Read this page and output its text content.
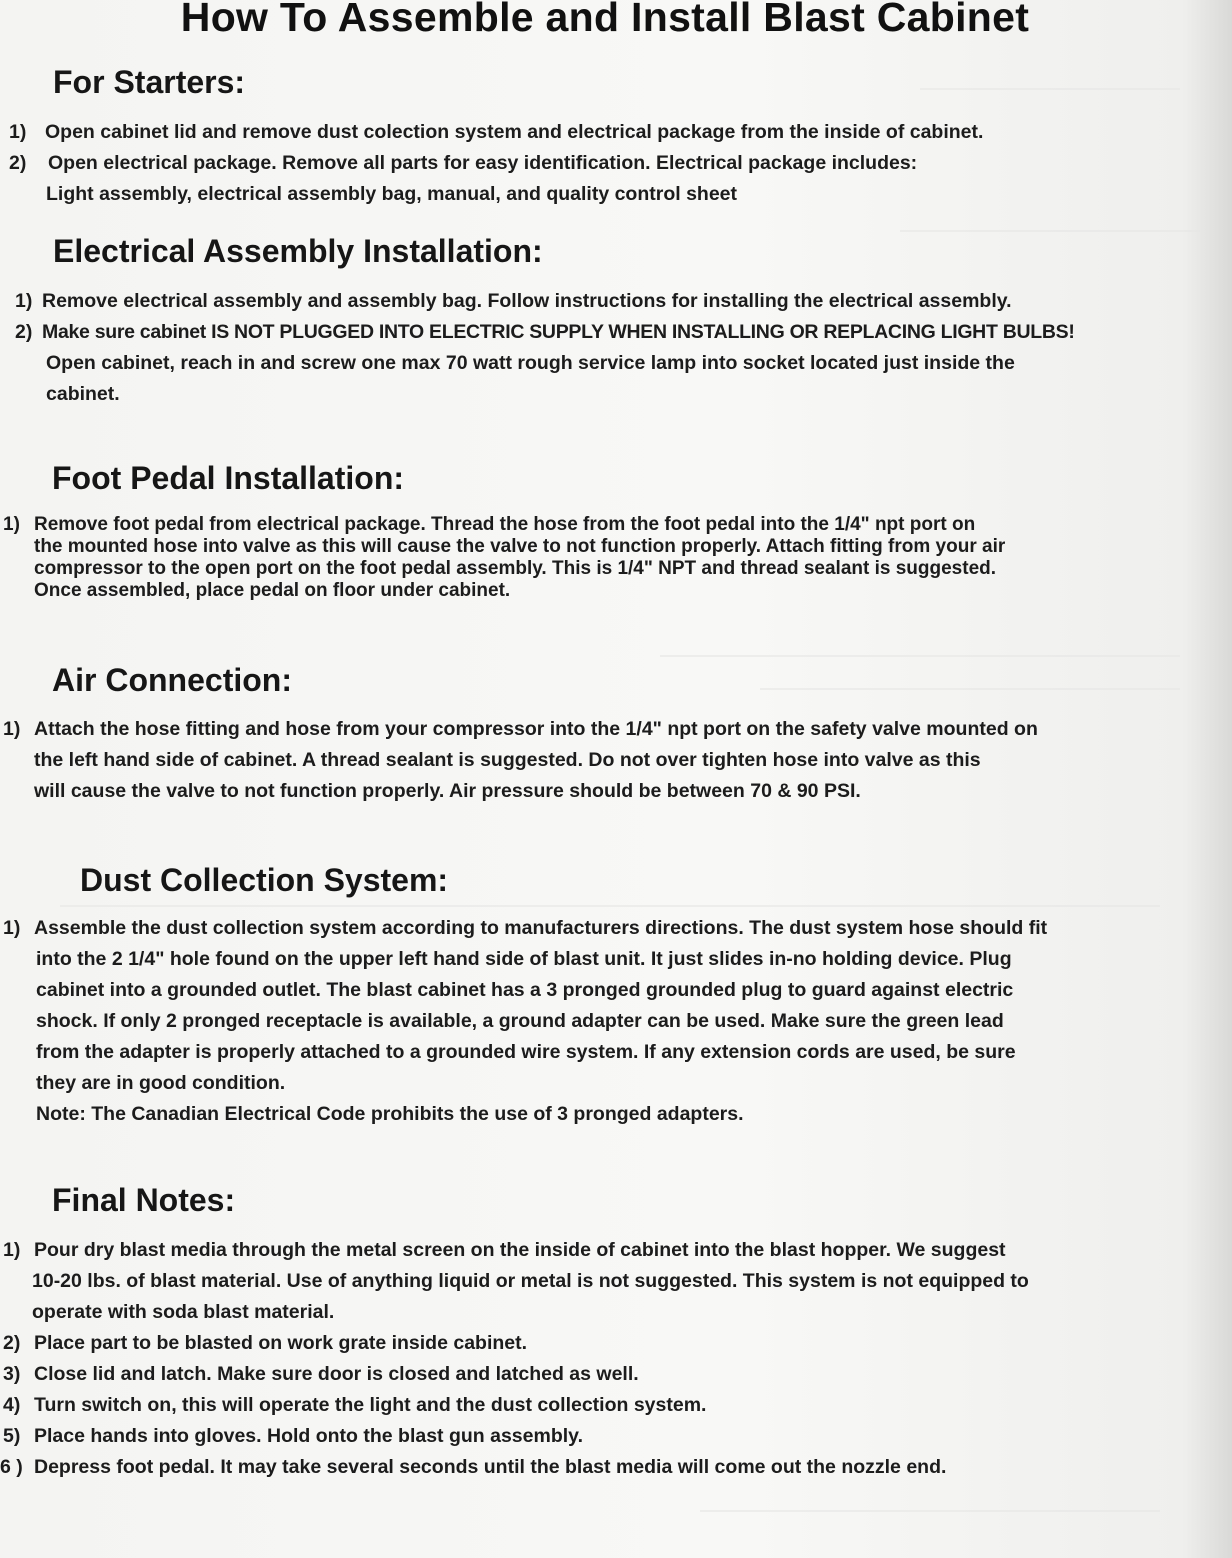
How To Assemble and Install Blast Cabinet
For Starters:
1) Open cabinet lid and remove dust colection system and electrical package from the inside of cabinet.
2) Open electrical package. Remove all parts for easy identification. Electrical package includes:
Light assembly, electrical assembly bag, manual, and quality control sheet
Electrical Assembly Installation:
1) Remove electrical assembly and assembly bag. Follow instructions for installing the electrical assembly.
2) Make sure cabinet IS NOT PLUGGED INTO ELECTRIC SUPPLY WHEN INSTALLING OR REPLACING LIGHT BULBS!
Open cabinet, reach in and screw one max 70 watt rough service lamp into socket located just inside the
cabinet.
Foot Pedal Installation:
1) Remove foot pedal from electrical package. Thread the hose from the foot pedal into the 1/4" npt port on
the mounted hose into valve as this will cause the valve to not function properly. Attach fitting from your air
compressor to the open port on the foot pedal assembly. This is 1/4" NPT and thread sealant is suggested.
Once assembled, place pedal on floor under cabinet.
Air Connection:
1) Attach the hose fitting and hose from your compressor into the 1/4" npt port on the safety valve mounted on
the left hand side of cabinet. A thread sealant is suggested. Do not over tighten hose into valve as this
will cause the valve to not function properly. Air pressure should be between 70 & 90 PSI.
Dust Collection System:
1) Assemble the dust collection system according to manufacturers directions. The dust system hose should fit
into the 2 1/4" hole found on the upper left hand side of blast unit. It just slides in-no holding device. Plug
cabinet into a grounded outlet. The blast cabinet has a 3 pronged grounded plug to guard against electric
shock. If only 2 pronged receptacle is available, a ground adapter can be used. Make sure the green lead
from the adapter is properly attached to a grounded wire system. If any extension cords are used, be sure
they are in good condition.
Note: The Canadian Electrical Code prohibits the use of 3 pronged adapters.
Final Notes:
1) Pour dry blast media through the metal screen on the inside of cabinet into the blast hopper. We suggest
10-20 lbs. of blast material. Use of anything liquid or metal is not suggested. This system is not equipped to
operate with soda blast material.
2) Place part to be blasted on work grate inside cabinet.
3) Close lid and latch. Make sure door is closed and latched as well.
4) Turn switch on, this will operate the light and the dust collection system.
5) Place hands into gloves. Hold onto the blast gun assembly.
6 ) Depress foot pedal. It may take several seconds until the blast media will come out the nozzle end.
